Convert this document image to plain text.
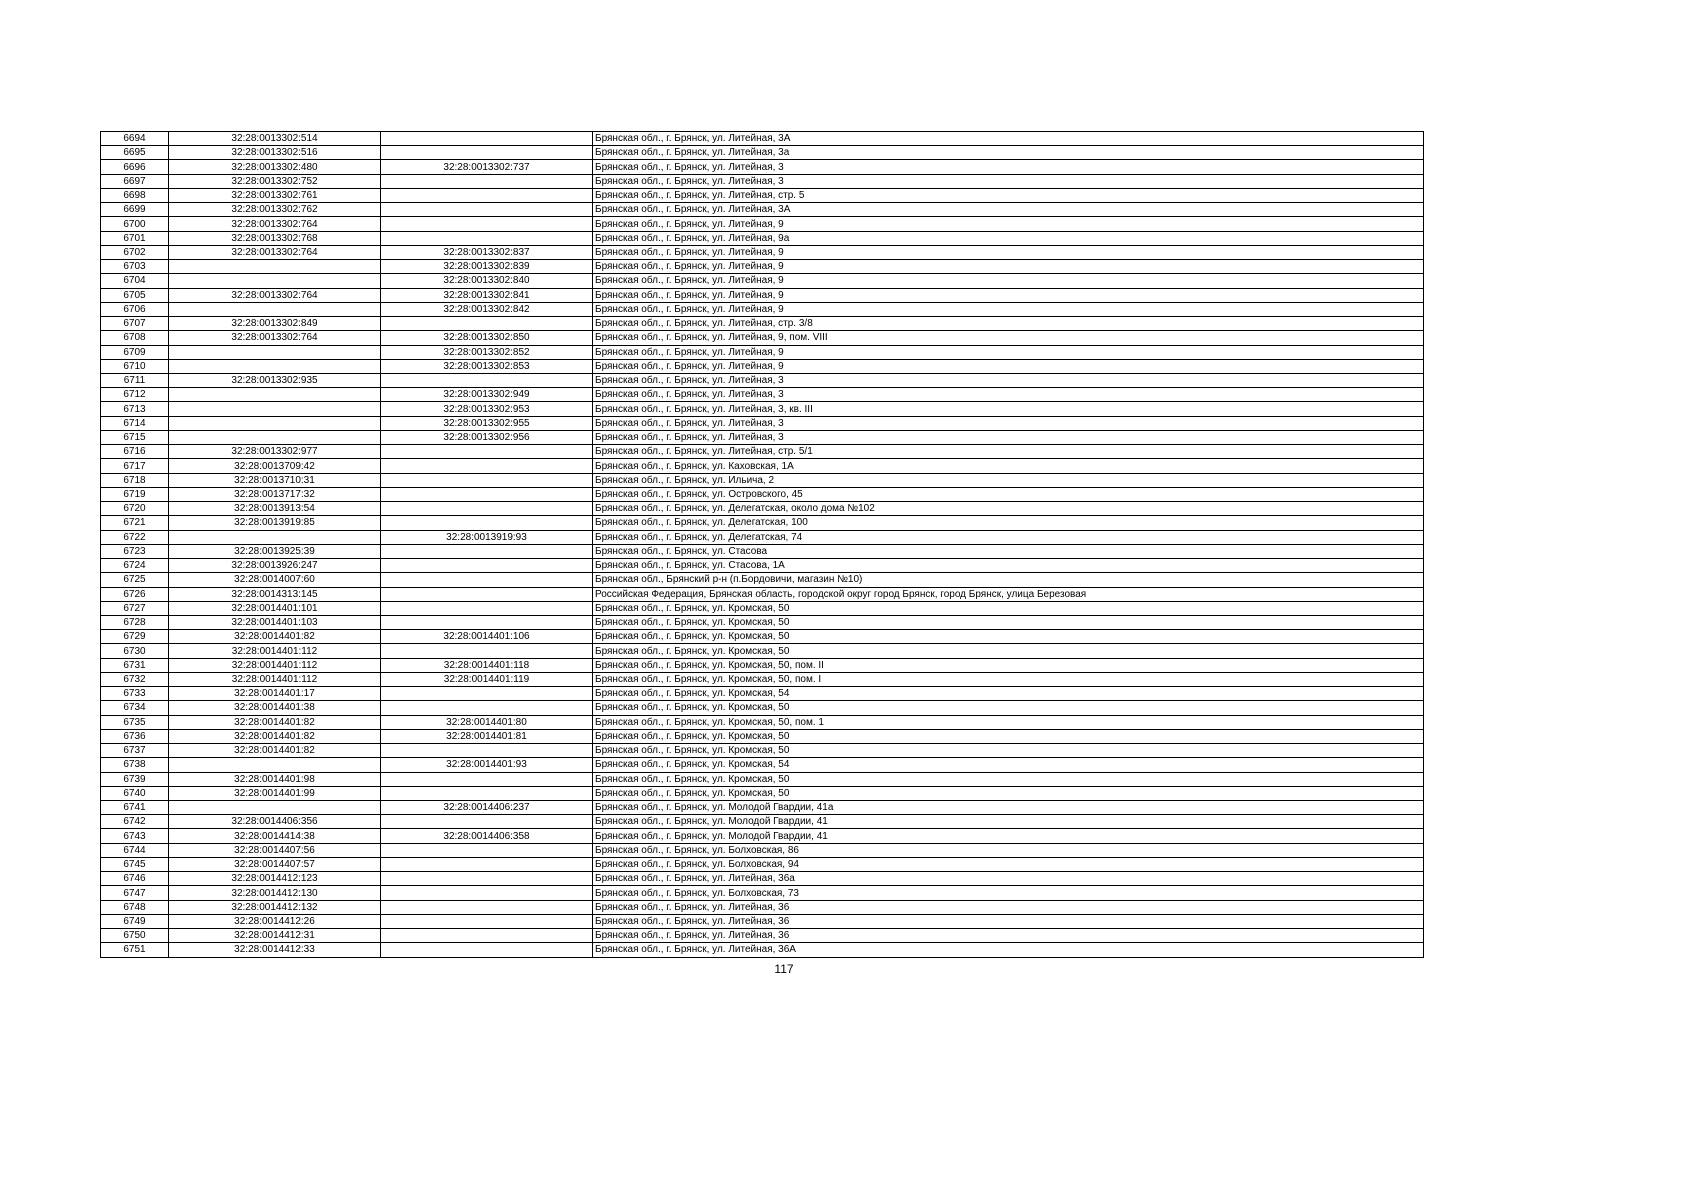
6694	32:28:0013302:514		Брянская обл., г. Брянск, ул. Литейная, 3А
6695	32:28:0013302:516		Брянская обл., г. Брянск, ул. Литейная, 3а
6696	32:28:0013302:480	32:28:0013302:737	Брянская обл., г. Брянск, ул. Литейная, 3
6697	32:28:0013302:752		Брянская обл., г. Брянск, ул. Литейная, 3
6698	32:28:0013302:761		Брянская обл., г. Брянск, ул. Литейная, стр. 5
6699	32:28:0013302:762		Брянская обл., г. Брянск, ул. Литейная, 3А
6700	32:28:0013302:764		Брянская обл., г. Брянск, ул. Литейная, 9
6701	32:28:0013302:768		Брянская обл., г. Брянск, ул. Литейная, 9а
6702	32:28:0013302:764	32:28:0013302:837	Брянская обл., г. Брянск, ул. Литейная, 9
6703		32:28:0013302:839	Брянская обл., г. Брянск, ул. Литейная, 9
6704		32:28:0013302:840	Брянская обл., г. Брянск, ул. Литейная, 9
6705	32:28:0013302:764	32:28:0013302:841	Брянская обл., г. Брянск, ул. Литейная, 9
6706		32:28:0013302:842	Брянская обл., г. Брянск, ул. Литейная, 9
6707	32:28:0013302:849		Брянская обл., г. Брянск, ул. Литейная, стр. 3/8
6708	32:28:0013302:764	32:28:0013302:850	Брянская обл., г. Брянск, ул. Литейная, 9, пом. VIII
6709		32:28:0013302:852	Брянская обл., г. Брянск, ул. Литейная, 9
6710		32:28:0013302:853	Брянская обл., г. Брянск, ул. Литейная, 9
6711	32:28:0013302:935		Брянская обл., г. Брянск, ул. Литейная, 3
6712		32:28:0013302:949	Брянская обл., г. Брянск, ул. Литейная, 3
6713		32:28:0013302:953	Брянская обл., г. Брянск, ул. Литейная, 3, кв. III
6714		32:28:0013302:955	Брянская обл., г. Брянск, ул. Литейная, 3
6715		32:28:0013302:956	Брянская обл., г. Брянск, ул. Литейная, 3
6716	32:28:0013302:977		Брянская обл., г. Брянск, ул. Литейная, стр. 5/1
6717	32:28:0013709:42		Брянская обл., г. Брянск, ул. Каховская, 1А
6718	32:28:0013710:31		Брянская обл., г. Брянск, ул. Ильича, 2
6719	32:28:0013717:32		Брянская обл., г. Брянск, ул. Островского, 45
6720	32:28:0013913:54		Брянская обл., г. Брянск, ул. Делегатская, около дома №102
6721	32:28:0013919:85		Брянская обл., г. Брянск, ул. Делегатская, 100
6722		32:28:0013919:93	Брянская обл., г. Брянск, ул. Делегатская, 74
6723	32:28:0013925:39		Брянская обл., г. Брянск, ул. Стасова
6724	32:28:0013926:247		Брянская обл., г. Брянск, ул. Стасова, 1А
6725	32:28:0014007:60		Брянская обл., Брянский р-н (п.Бордовичи, магазин №10)
6726	32:28:0014313:145		Российская Федерация, Брянская область, городской округ город Брянск, город Брянск, улица Березовая
6727	32:28:0014401:101		Брянская обл., г. Брянск, ул. Кромская, 50
6728	32:28:0014401:103		Брянская обл., г. Брянск, ул. Кромская, 50
6729	32:28:0014401:82	32:28:0014401:106	Брянская обл., г. Брянск, ул. Кромская, 50
6730	32:28:0014401:112		Брянская обл., г. Брянск, ул. Кромская, 50
6731	32:28:0014401:112	32:28:0014401:118	Брянская обл., г. Брянск, ул. Кромская, 50, пом. II
6732	32:28:0014401:112	32:28:0014401:119	Брянская обл., г. Брянск, ул. Кромская, 50, пом. I
6733	32:28:0014401:17		Брянская обл., г. Брянск, ул. Кромская, 54
6734	32:28:0014401:38		Брянская обл., г. Брянск, ул. Кромская, 50
6735	32:28:0014401:82	32:28:0014401:80	Брянская обл., г. Брянск, ул. Кромская, 50, пом. 1
6736	32:28:0014401:82	32:28:0014401:81	Брянская обл., г. Брянск, ул. Кромская, 50
6737	32:28:0014401:82		Брянская обл., г. Брянск, ул. Кромская, 50
6738		32:28:0014401:93	Брянская обл., г. Брянск, ул. Кромская, 54
6739	32:28:0014401:98		Брянская обл., г. Брянск, ул. Кромская, 50
6740	32:28:0014401:99		Брянская обл., г. Брянск, ул. Кромская, 50
6741		32:28:0014406:237	Брянская обл., г. Брянск, ул. Молодой Гвардии, 41а
6742	32:28:0014406:356		Брянская обл., г. Брянск, ул. Молодой Гвардии, 41
6743	32:28:0014414:38	32:28:0014406:358	Брянская обл., г. Брянск, ул. Молодой Гвардии, 41
6744	32:28:0014407:56		Брянская обл., г. Брянск, ул. Болховская, 86
6745	32:28:0014407:57		Брянская обл., г. Брянск, ул. Болховская, 94
6746	32:28:0014412:123		Брянская обл., г. Брянск, ул. Литейная, 36а
6747	32:28:0014412:130		Брянская обл., г. Брянск, ул. Болховская, 73
6748	32:28:0014412:132		Брянская обл., г. Брянск, ул. Литейная, 36
6749	32:28:0014412:26		Брянская обл., г. Брянск, ул. Литейная, 36
6750	32:28:0014412:31		Брянская обл., г. Брянск, ул. Литейная, 36
6751	32:28:0014412:33		Брянская обл., г. Брянск, ул. Литейная, 36А
117
